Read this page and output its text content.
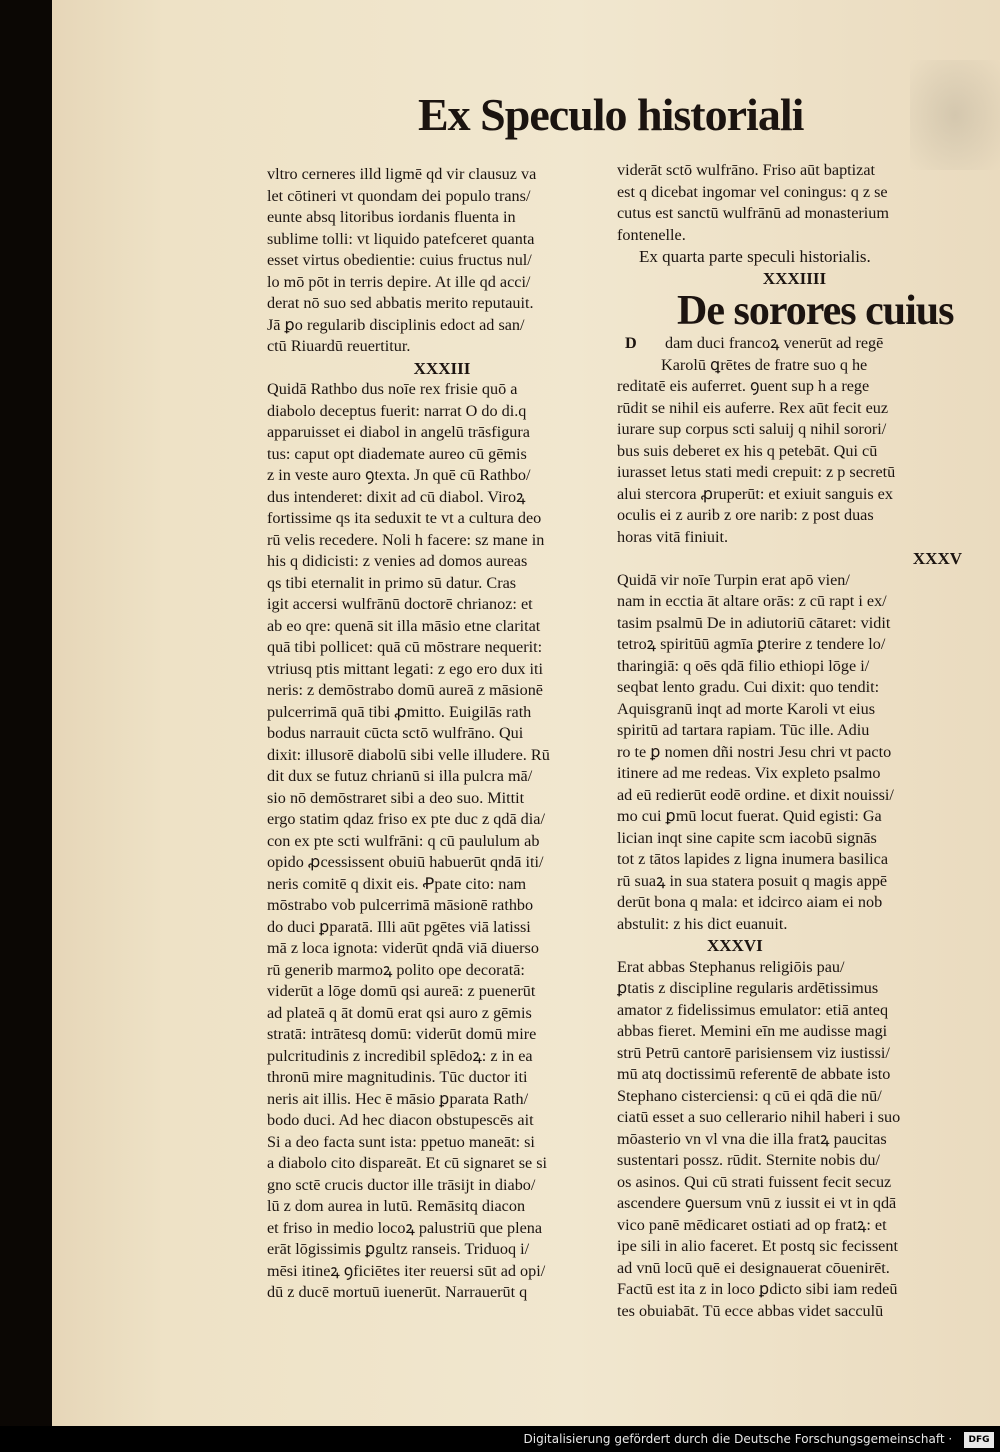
Ex Speculo historiali
vltro cerneres illd ligmē qd vir clausuz va
let cōtineri vt quondam dei populo trans/
eunte absq litoribus iordanis fluenta in
sublime tolli: vt liquido patefceret quanta
esset virtus obedientie: cuius fructus nul/
lo mō pōt in terris depire. At ille qd acci/
derat nō suo sed abbatis merito reputauit.
Jā ꝑo regularib disciplinis edoct ad san/
ctū Riuardū reuertitur.
XXXIII
Quidā Rathbo dus noīe rex frisie quō a
diabolo deceptus fuerit: narrat O do di.q
apparuisset ei diabol in angelū trāsfigura
tus: caput opt diademate aureo cū gēmis
z in veste auro ꝯtexta. Jn quē cū Rathbo/
dus intenderet: dixit ad cū diabol. Viroꝝ
fortissime qs ita seduxit te vt a cultura deo
rū velis recedere. Noli h facere: sz mane in
his q didicisti: z venies ad domos aureas
qs tibi eternalit in primo sū datur. Cras
igit accersi wulfrānū doctorē chrianoz: et
ab eo qre: quenā sit illa māsio etne claritat
quā tibi pollicet: quā cū mōstrare nequerit:
vtriusq ptis mittant legati: z ego ero dux iti
neris: z demōstrabo domū aureā z māsionē
pulcerrimā quā tibi ꝓmitto. Euigilās rath
bodus narrauit cūcta sctō wulfrāno. Qui
dixit: illusorē diabolū sibi velle illudere. Rū
dit dux se futuz chrianū si illa pulcra mā/
sio nō demōstraret sibi a deo suo. Mittit
ergo statim qdaz friso ex pte duc z qdā dia/
con ex pte scti wulfrāni: q cū paululum ab
opido ꝓcessissent obuiū habuerūt qndā iti/
neris comitē q dixit eis. Ꝓpate cito: nam
mōstrabo vob pulcerrimā māsionē rathbo
do duci ꝑparatā. Illi aūt pgētes viā latissi
mā z loca ignota: viderūt qndā viā diuerso
rū generib marmoꝝ polito ope decoratā:
viderūt a lōge domū qsi aureā: z puenerūt
ad plateā q āt domū erat qsi auro z gēmis
stratā: intrātesq domū: viderūt domū mire
pulcritudinis z incredibil splēdoꝝ: z in ea
thronū mire magnitudinis. Tūc ductor iti
neris ait illis. Hec ē māsio ꝑparata Rath/
bodo duci. Ad hec diacon obstupescēs ait
Si a deo facta sunt ista: ppetuo maneāt: si
a diabolo cito dispareāt. Et cū signaret se si
gno sctē crucis ductor ille trāsijt in diabo/
lū z dom aurea in lutū. Remāsitq diacon
et friso in medio locoꝝ palustriū que plena
erāt lōgissimis ꝑgultz ranseis. Triduoq i/
mēsi itineꝝ ꝯficiētes iter reuersi sūt ad opi/
dū z ducē mortuū iuenerūt. Narrauerūt q
viderāt sctō wulfrāno. Friso aūt baptizat
est q dicebat ingomar vel coningus: q z se
cutus est sanctū wulfrānū ad monasterium
fontenelle.
Ex quarta parte speculi historialis.
XXXIIII
De sorores cuius
D dam duci francoꝝ venerūt ad regē
Karolū ꝗrētes de fratre suo q he
reditatē eis auferret. ꝯuent sup h a rege
rūdit se nihil eis auferre. Rex aūt fecit euz
iurare sup corpus scti saluij q nihil sorori/
bus suis deberet ex his q petebāt. Qui cū
iurasset letus stati medi crepuit: z p secretū
alui stercora ꝓruperūt: et exiuit sanguis ex
oculis ei z aurib z ore narib: z post duas
horas vitā finiuit.
XXXV
Quidā vir noīe Turpin erat apō vien/
nam in ecctia āt altare orās: z cū rapt i ex/
tasim psalmū De in adiutoriū cātaret: vidit
tetroꝝ spiritūū agmīa ꝑterire z tendere lo/
tharingiā: q oēs qdā filio ethiopi lōge i/
seqbat lento gradu. Cui dixit: quo tendit:
Aquisgranū inqt ad morte Karoli vt eius
spiritū ad tartara rapiam. Tūc ille. Adiu
ro te ꝑ nomen dñi nostri Jesu chri vt pacto
itinere ad me redeas. Vix expleto psalmo
ad eū redierūt eodē ordine. et dixit nouissi/
mo cui ꝑmū locut fuerat. Quid egisti: Ga
lician inqt sine capite scm iacobū signās
tot z tātos lapides z ligna inumera basilica
rū suaꝝ in sua statera posuit q magis appē
derūt bona q mala: et idcirco aiam ei nob
abstulit: z his dict euanuit.
XXXVI
Erat abbas Stephanus religiōis pau/
ꝑtatis z discipline regularis ardētissimus
amator z fidelissimus emulator: etiā anteq
abbas fieret. Memini eīn me audisse magi
strū Petrū cantorē parisiensem viz iustissi/
mū atq doctissimū referentē de abbate isto
Stephano cisterciensi: q cū ei qdā die nū/
ciatū esset a suo cellerario nihil haberi i suo
mōasterio vn vl vna die illa fratꝝ paucitas
sustentari possz. rūdit. Sternite nobis du/
os asinos. Qui cū strati fuissent fecit secuz
ascendere ꝯuersum vnū z iussit ei vt in qdā
vico panē mēdicaret ostiati ad op fratꝝ: et
ipe sili in alio faceret. Et postq sic fecissent
ad vnū locū quē ei designauerat cōuenirēt.
Factū est ita z in loco ꝑdicto sibi iam redeū
tes obuiabāt. Tū ecce abbas videt sacculū
Digitalisierung gefördert durch die Deutsche Forschungsgemeinschaft · DFG
